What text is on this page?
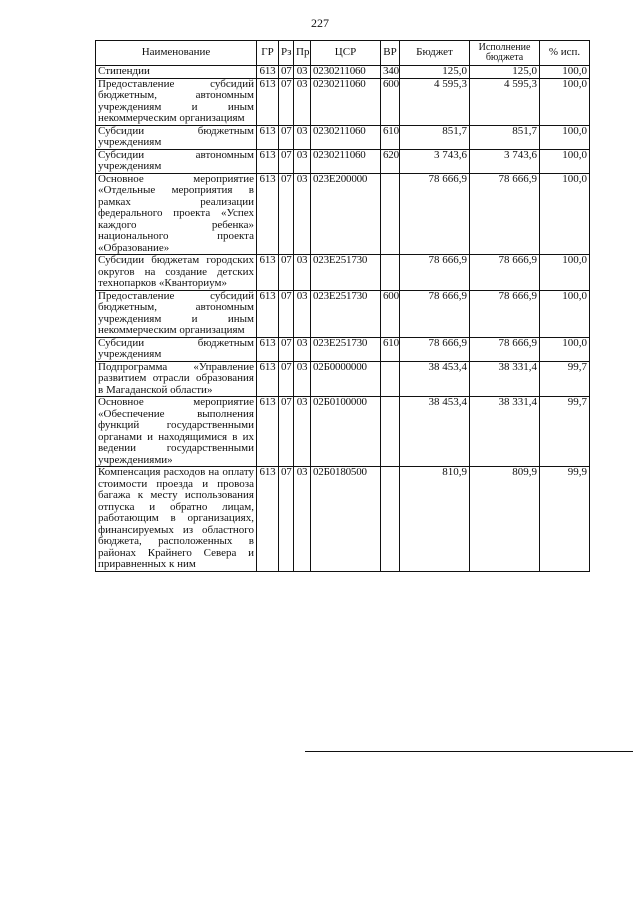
227
Наименование	ГР	Рз	Пр	ЦСР	ВР	Бюджет	Исполнение бюджета	% исп.
Стипендии	613	07	03	0230211060	340	125,0	125,0	100,0
Предоставление субсидий бюджетным, автономным учреждениям и иным некоммерческим организациям	613	07	03	0230211060	600	4 595,3	4 595,3	100,0
Субсидии бюджетным учреждениям	613	07	03	0230211060	610	851,7	851,7	100,0
Субсидии автономным учреждениям	613	07	03	0230211060	620	3 743,6	3 743,6	100,0
Основное мероприятие «Отдельные мероприятия в рамках реализации федерального проекта «Успех каждого ребенка» национального проекта «Образование»	613	07	03	023E200000		78 666,9	78 666,9	100,0
Субсидии бюджетам городских округов на создание детских технопарков «Кванториум»	613	07	03	023E251730		78 666,9	78 666,9	100,0
Предоставление субсидий бюджетным, автономным учреждениям и иным некоммерческим организациям	613	07	03	023E251730	600	78 666,9	78 666,9	100,0
Субсидии бюджетным учреждениям	613	07	03	023E251730	610	78 666,9	78 666,9	100,0
Подпрограмма «Управление развитием отрасли образования в Магаданской области»	613	07	03	02Б0000000		38 453,4	38 331,4	99,7
Основное мероприятие «Обеспечение выполнения функций государственными органами и находящимися в их ведении государственными учреждениями»	613	07	03	02Б0100000		38 453,4	38 331,4	99,7
Компенсация расходов на оплату стоимости проезда и провоза багажа к месту использования отпуска и обратно лицам, работающим в организациях, финансируемых из областного бюджета, расположенных в районах Крайнего Севера и приравненных к ним	613	07	03	02Б0180500		810,9	809,9	99,9
